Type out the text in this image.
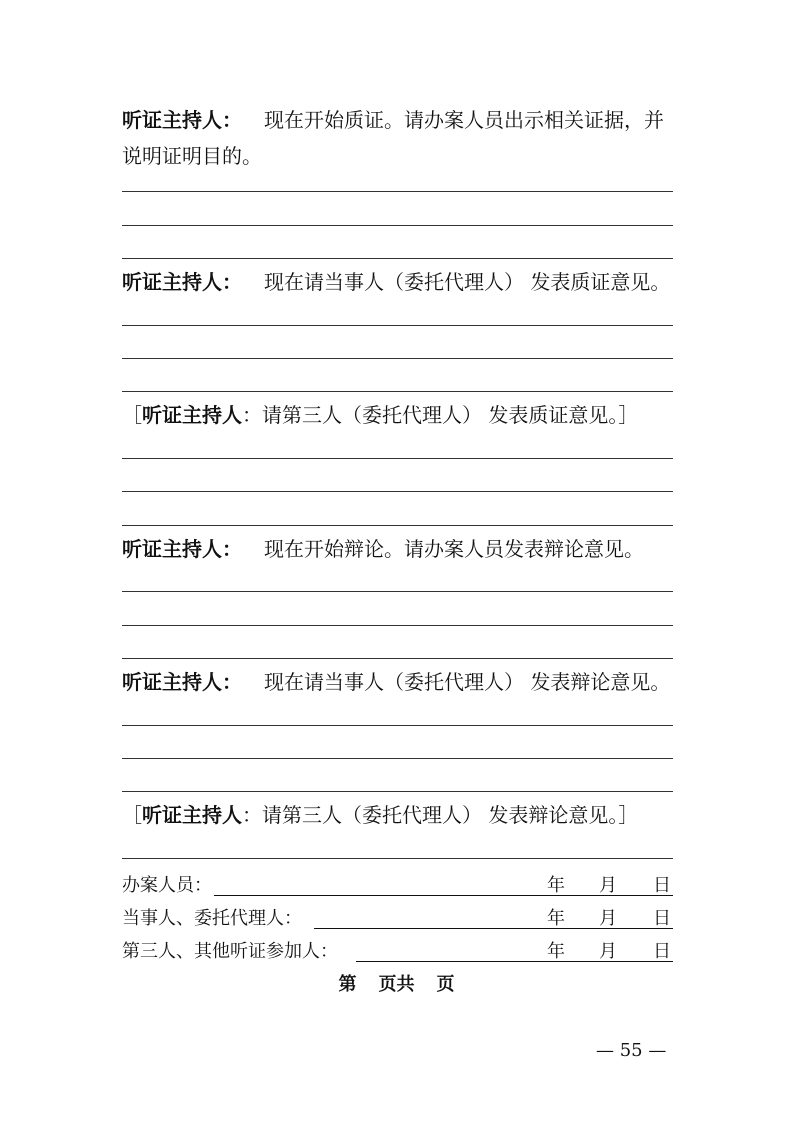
听证主持人： 现在开始质证。请办案人员出示相关证据，并
说明证明目的。
听证主持人： 现在请当事人（委托代理人） 发表质证意见。
［听证主持人：请第三人（委托代理人） 发表质证意见。］
听证主持人： 现在开始辩论。请办案人员发表辩论意见。
听证主持人： 现在请当事人（委托代理人） 发表辩论意见。
［听证主持人：请第三人（委托代理人） 发表辩论意见。］
办案人员：	年 月 日
当事人、委托代理人：	年 月 日
第三人、其他听证参加人：	年 月 日
第 页共 页
— 55 —
